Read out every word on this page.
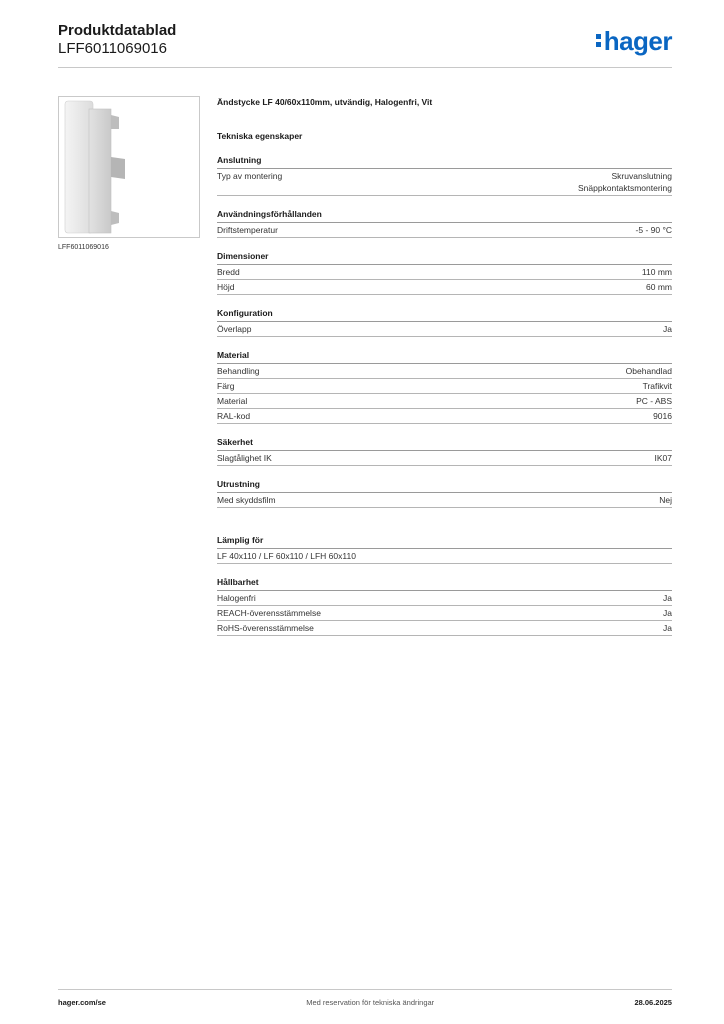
Produktdatablad
LFF6011069016	hager
LFF6011069016
Ändstycke LF 40/60x110mm, utvändig, Halogenfri, Vit
Tekniska egenskaper
Anslutning
Typ av montering	Skruvanslutning
Snäppkontaktsmontering
Användningsförhållanden
Driftstemperatur	-5 - 90 °C
Dimensioner
Bredd	110 mm
Höjd	60 mm
Konfiguration
Överlapp	Ja
Material
Behandling	Obehandlad
Färg	Trafikvit
Material	PC - ABS
RAL-kod	9016
Säkerhet
Slagtålighet IK	IK07
Utrustning
Med skyddsfilm	Nej
Lämplig för
LF 40x110 / LF 60x110 / LFH 60x110
Hållbarhet
Halogenfri	Ja
REACH-överensstämmelse	Ja
RoHS-överensstämmelse	Ja
hager.com/se	Med reservation för tekniska ändringar	28.06.2025
